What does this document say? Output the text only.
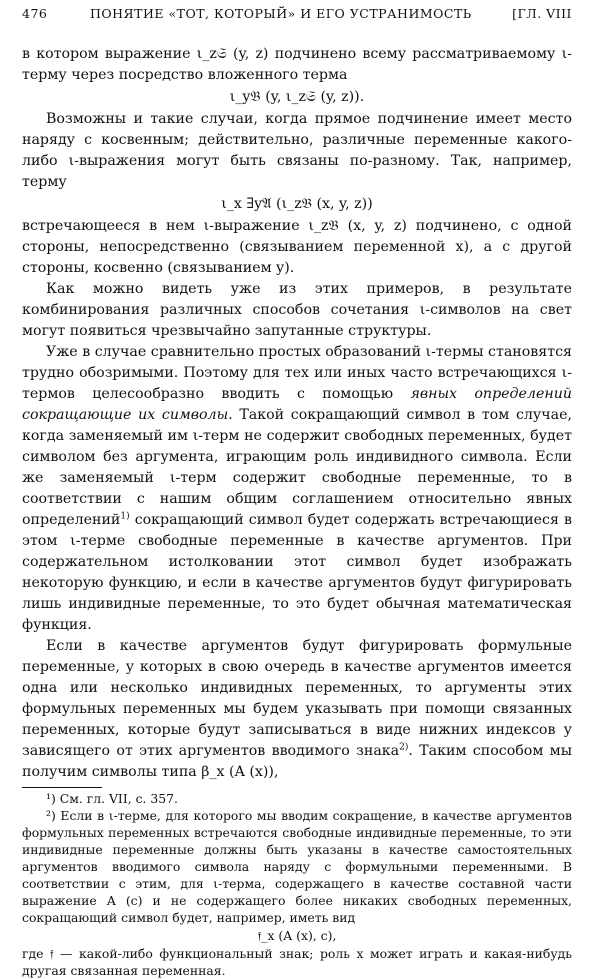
476	ПОНЯТИЕ «ТОТ, КОТОРЫЙ» И ЕГО УСТРАНИМОСТЬ	[ГЛ. VIII

в котором выражение ι_z𝔖 (y, z) подчинено всему рассматриваемому ι-терму через посредство вложенного терма

ι_y𝔅 (y, ι_z𝔖 (y, z)).

Возможны и такие случаи, когда прямое подчинение имеет место наряду с косвенным; действительно, различные переменные какого-либо ι-выражения могут быть связаны по-разному. Так, например, терму

ι_x ∃y𝔄 (ι_z𝔅 (x, y, z))

встречающееся в нем ι-выражение ι_z𝔅 (x, y, z) подчинено, с одной стороны, непосредственно (связыванием переменной x), а с другой стороны, косвенно (связыванием y).

Как можно видеть уже из этих примеров, в результате комбинирования различных способов сочетания ι-символов на свет могут появиться чрезвычайно запутанные структуры.

Уже в случае сравнительно простых образований ι-термы становятся трудно обозримыми. Поэтому для тех или иных часто встречающихся ι-термов целесообразно вводить с помощью явных определений сокращающие их символы. Такой сокращающий символ в том случае, когда заменяемый им ι-терм не содержит свободных переменных, будет символом без аргумента, играющим роль индивидного символа. Если же заменяемый ι-терм содержит свободные переменные, то в соответствии с нашим общим соглашением относительно явных определений$^{1)}$ сокращающий символ будет содержать встречающиеся в этом ι-терме свободные переменные в качестве аргументов. При содержательном истолковании этот символ будет изображать некоторую функцию, и если в качестве аргументов будут фигурировать лишь индивидные переменные, то это будет обычная математическая функция.

Если в качестве аргументов будут фигурировать формульные переменные, у которых в свою очередь в качестве аргументов имеется одна или несколько индивидных переменных, то аргументы этих формульных переменных мы будем указывать при помощи связанных переменных, которые будут записываться в виде нижних индексов у зависящего от этих аргументов вводимого знака$^{2)}$. Таким способом мы получим символы типа β_x (A (x)),

¹) См. гл. VII, с. 357.

²) Если в ι-терме, для которого мы вводим сокращение, в качестве аргументов формульных переменных встречаются свободные индивидные переменные, то эти индивидные переменные должны быть указаны в качестве самостоятельных аргументов вводимого символа наряду с формульными переменными. В соответствии с этим, для ι-терма, содержащего в качестве составной части выражение A (c) и не содержащего более никаких свободных переменных, сокращающий символ будет, например, иметь вид

𝔣_x (A (x), c),

где 𝔣 — какой-либо функциональный знак; роль x может играть и какая-нибудь другая связанная переменная.
